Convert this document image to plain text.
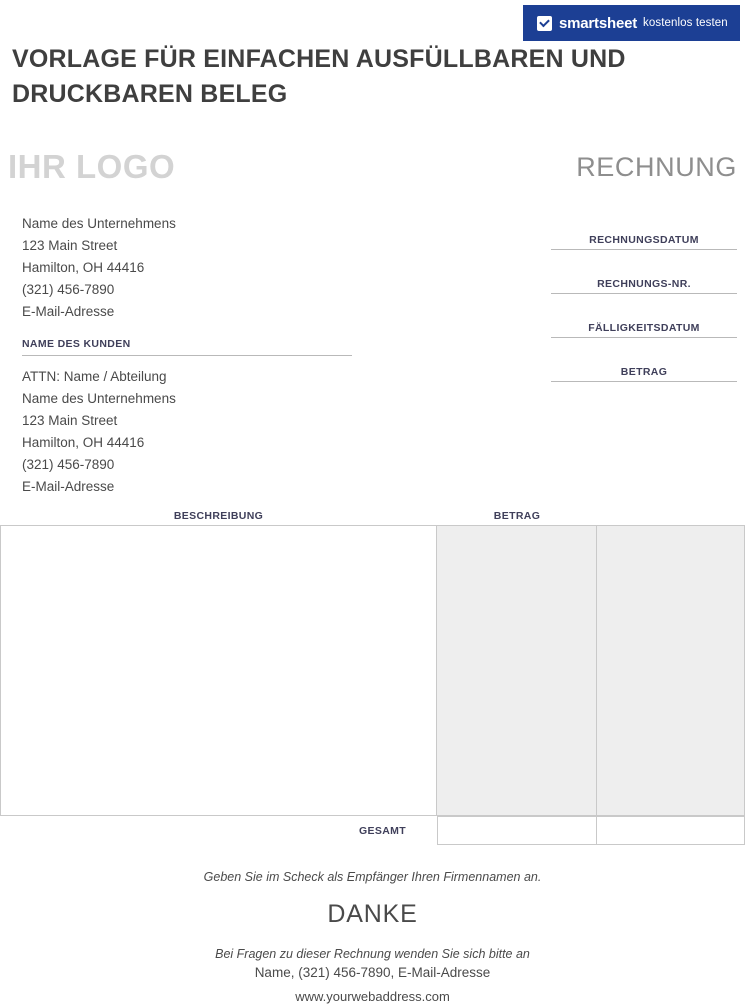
smartsheet kostenlos testen
VORLAGE FÜR EINFACHEN AUSFÜLLBAREN UND DRUCKBAREN BELEG
IHR LOGO	RECHNUNG
Name des Unternehmens
123 Main Street
Hamilton, OH 44416
(321) 456-7890
E-Mail-Adresse
RECHNUNGSDATUM
RECHNUNGS-NR.
FÄLLIGKEITSDATUM
BETRAG
NAME DES KUNDEN
ATTN: Name / Abteilung
Name des Unternehmens
123 Main Street
Hamilton, OH 44416
(321) 456-7890
E-Mail-Adresse
BESCHREIBUNG	BETRAG
GESAMT
Geben Sie im Scheck als Empfänger Ihren Firmennamen an.
DANKE
Bei Fragen zu dieser Rechnung wenden Sie sich bitte an
Name, (321) 456-7890, E-Mail-Adresse
www.yourwebaddress.com
